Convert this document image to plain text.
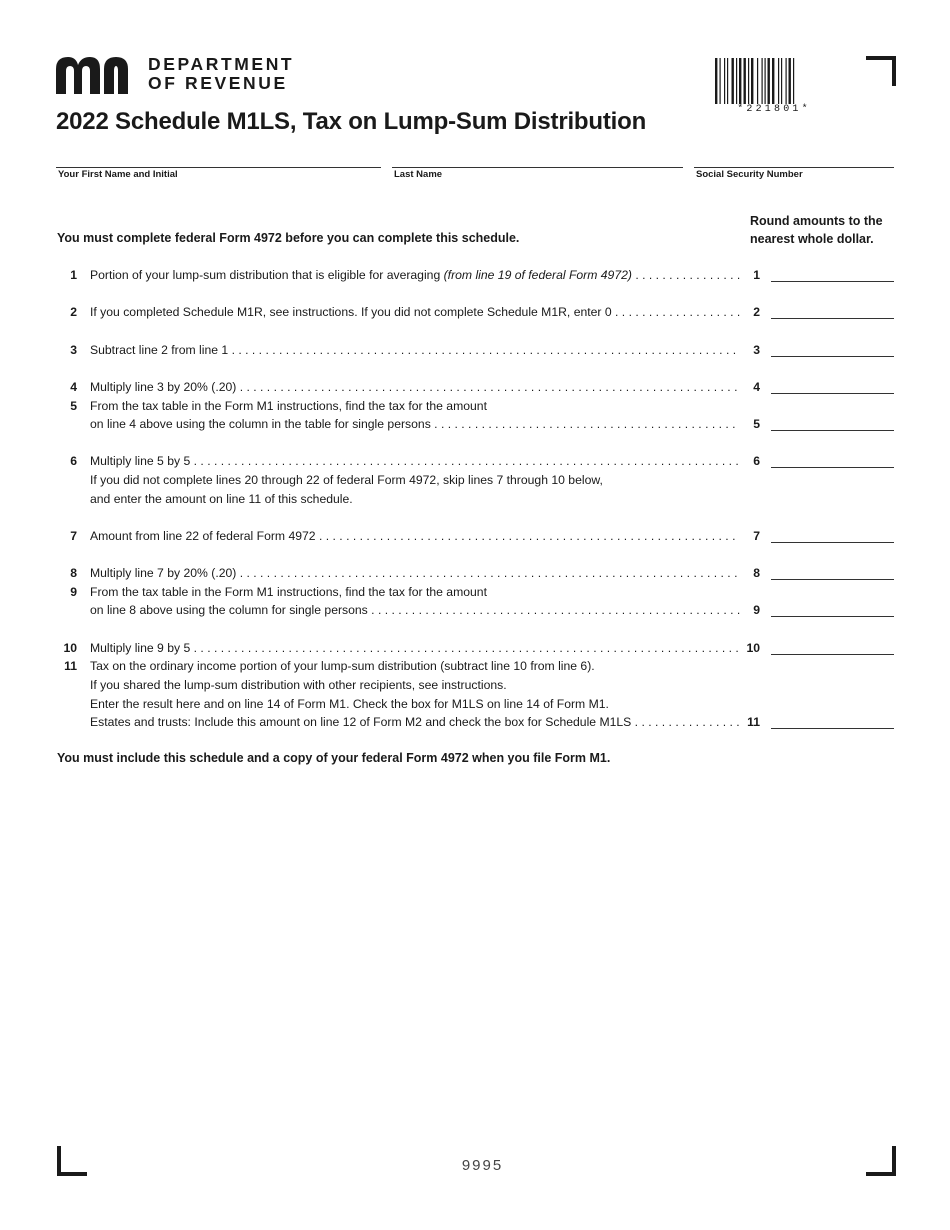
DEPARTMENT
OF REVENUE
*221801*
2022 Schedule M1LS, Tax on Lump-Sum Distribution
Your First Name and Initial	Last Name	Social Security Number
You must complete federal Form 4972 before you can complete this schedule.
Round amounts to the
nearest whole dollar.
1 Portion of your lump-sum distribution that is eligible for averaging (from line 19 of federal Form 4972) . . .	1
2 If you completed Schedule M1R, see instructions. If you did not complete Schedule M1R, enter 0 . . .	2
3 Subtract line 2 from line 1 . . .	3
4 Multiply line 3 by 20% (.20) . . .	4
5 From the tax table in the Form M1 instructions, find the tax for the amount
on line 4 above using the column in the table for single persons . . .	5
6 Multiply line 5 by 5 . . .	6
If you did not complete lines 20 through 22 of federal Form 4972, skip lines 7 through 10 below,
and enter the amount on line 11 of this schedule.
7 Amount from line 22 of federal Form 4972 . . .	7
8 Multiply line 7 by 20% (.20) . . .	8
9 From the tax table in the Form M1 instructions, find the tax for the amount
on line 8 above using the column for single persons . . .	9
10 Multiply line 9 by 5 . . .	10
11 Tax on the ordinary income portion of your lump-sum distribution (subtract line 10 from line 6).
If you shared the lump-sum distribution with other recipients, see instructions.
Enter the result here and on line 14 of Form M1. Check the box for M1LS on line 14 of Form M1.
Estates and trusts: Include this amount on line 12 of Form M2 and check the box for Schedule M1LS . . .	11
You must include this schedule and a copy of your federal Form 4972 when you file Form M1.
9995
